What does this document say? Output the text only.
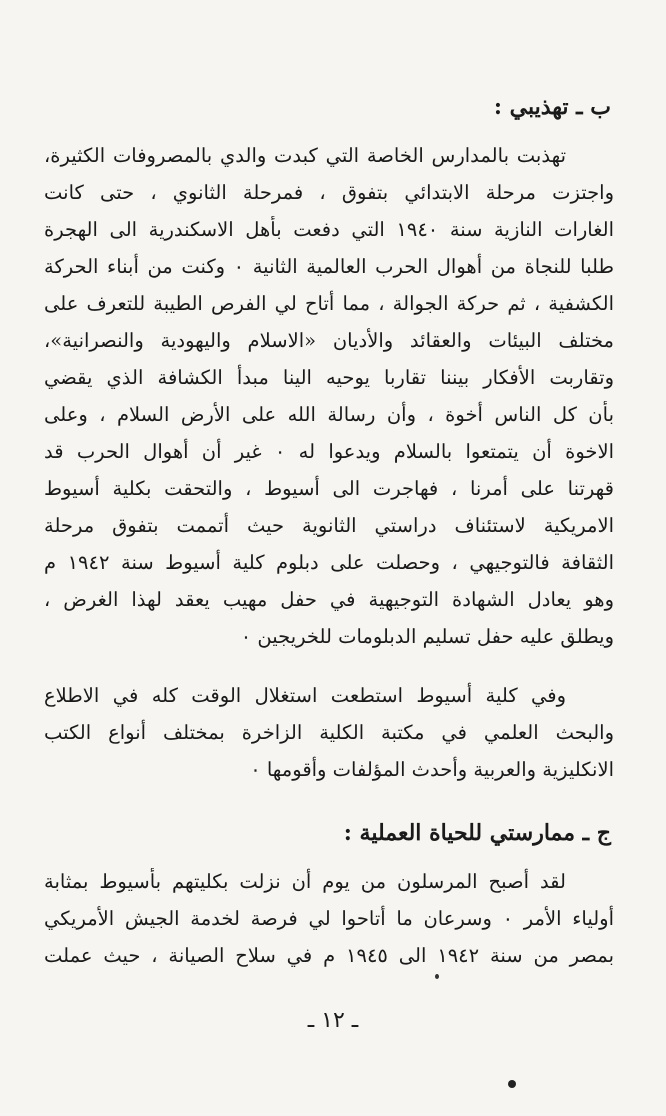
ب ـ تهذيبي :
تهذبت بالمدارس الخاصة التي كبدت والدي بالمصروفات الكثيرة،
واجتزت مرحلة الابتدائي بتفوق ، فمرحلة الثانوي ، حتى كانت
الغارات النازية سنة ١٩٤٠ التي دفعت بأهل الاسكندرية الى الهجرة
طلبا للنجاة من أهوال الحرب العالمية الثانية ٠ وكنت من أبناء الحركة
الكشفية ، ثم حركة الجوالة ، مما أتاح لي الفرص الطيبة للتعرف على
مختلف البيئات والعقائد والأديان «الاسلام واليهودية والنصرانية»،
وتقاربت الأفكار بيننا تقاربا يوحيه الينا مبدأ الكشافة الذي يقضي
بأن كل الناس أخوة ، وأن رسالة الله على الأرض السلام ، وعلى
الاخوة أن يتمتعوا بالسلام ويدعوا له ٠ غير أن أهوال الحرب قد
قهرتنا على أمرنا ، فهاجرت الى أسيوط ، والتحقت بكلية أسيوط
الامريكية لاستئناف دراستي الثانوية حيث أتممت بتفوق مرحلة
الثقافة فالتوجيهي ، وحصلت على دبلوم كلية أسيوط سنة ١٩٤٢ م
وهو يعادل الشهادة التوجيهية في حفل مهيب يعقد لهذا الغرض ،
ويطلق عليه حفل تسليم الدبلومات للخريجين ٠
وفي كلية أسيوط استطعت استغلال الوقت كله في الاطلاع
والبحث العلمي في مكتبة الكلية الزاخرة بمختلف أنواع الكتب
الانكليزية والعربية وأحدث المؤلفات وأقومها ٠
ج ـ ممارستي للحياة العملية :
لقد أصبح المرسلون من يوم أن نزلت بكليتهم بأسيوط بمثابة
أولياء الأمر ٠ وسرعان ما أتاحوا لي فرصة لخدمة الجيش الأمريكي
بمصر من سنة ١٩٤٢ الى ١٩٤٥ م في سلاح الصيانة ، حيث عملت
ـ ١٢ ـ
